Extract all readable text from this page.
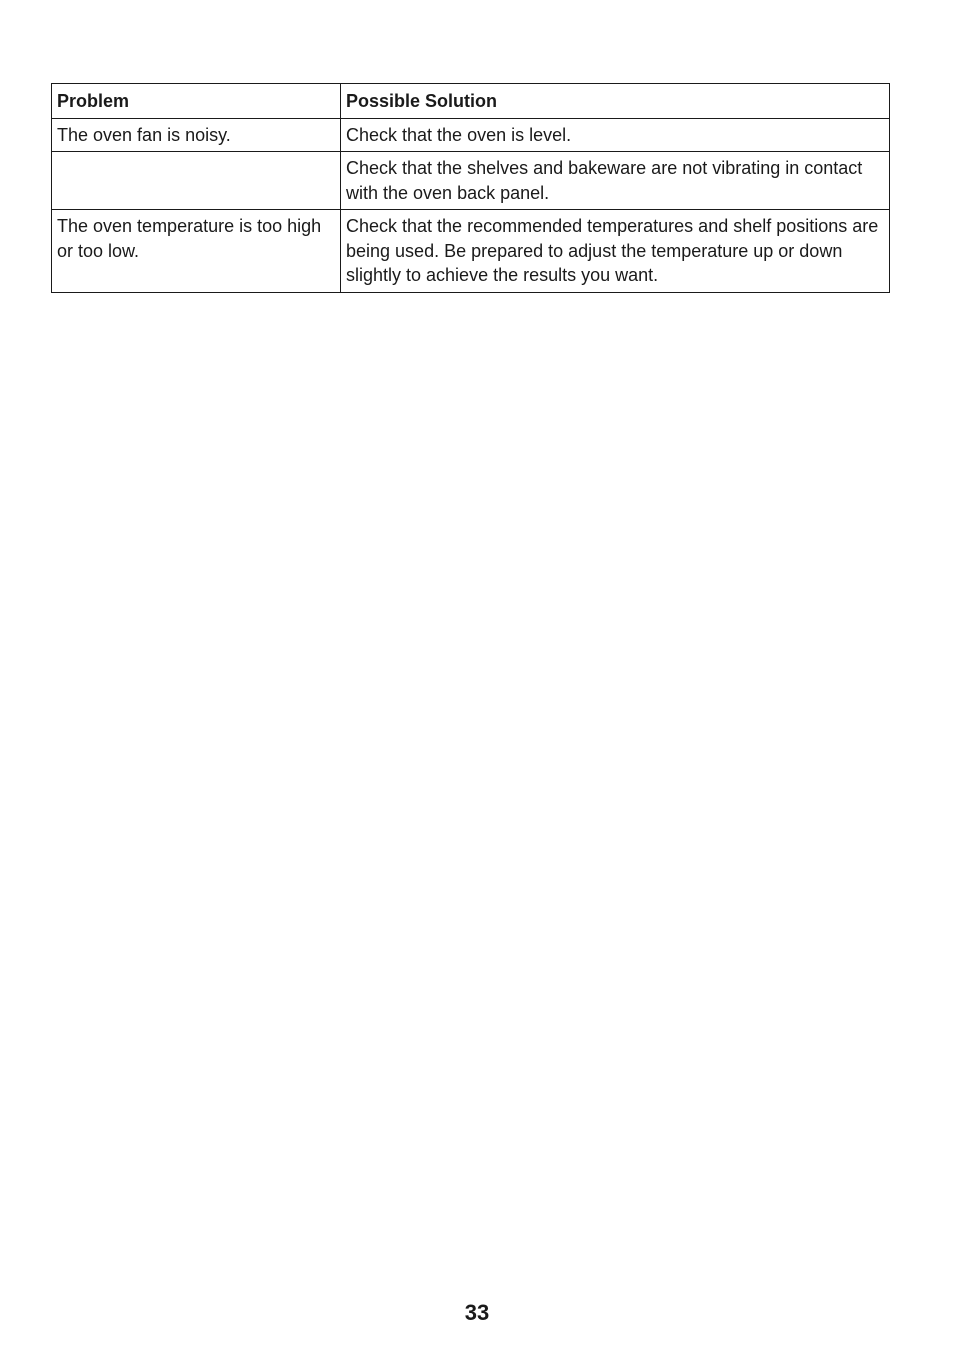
Problem	Possible Solution
The oven fan is noisy.	Check that the oven is level.
	Check that the shelves and bakeware are not vibrating in contact with the oven back panel.
The oven temperature is too high or too low.	Check that the recommended temperatures and shelf positions are being used. Be prepared to adjust the temperature up or down slightly to achieve the results you want.
33
